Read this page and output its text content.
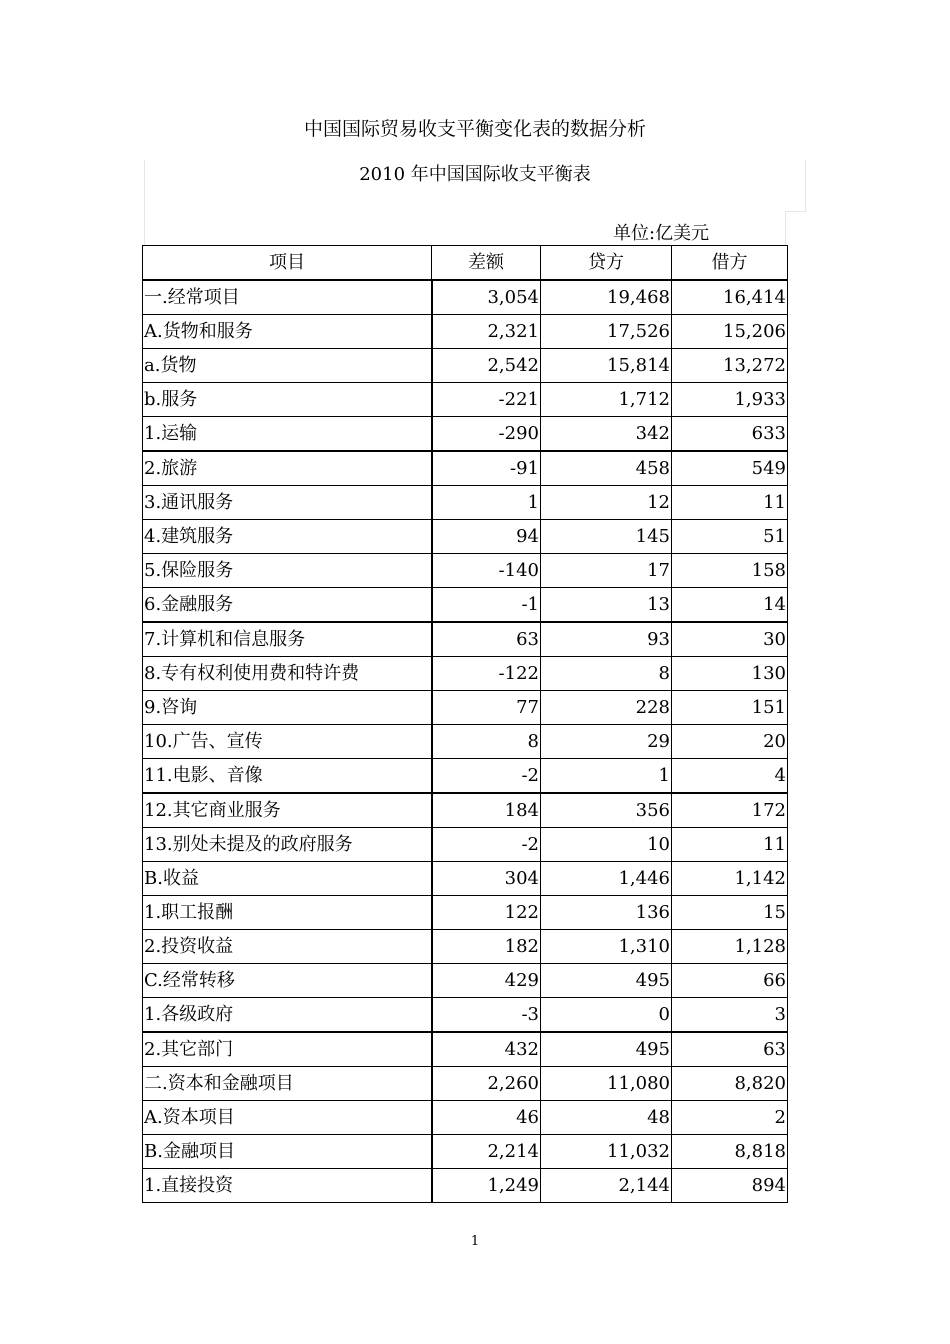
中国国际贸易收支平衡变化表的数据分析
2010 年中国国际收支平衡表
单位:亿美元
项目	差额	贷方	借方
一.经常项目	3,054	19,468	16,414
A.货物和服务	2,321	17,526	15,206
a.货物	2,542	15,814	13,272
b.服务	-221	1,712	1,933
1.运输	-290	342	633
2.旅游	-91	458	549
3.通讯服务	1	12	11
4.建筑服务	94	145	51
5.保险服务	-140	17	158
6.金融服务	-1	13	14
7.计算机和信息服务	63	93	30
8.专有权利使用费和特许费	-122	8	130
9.咨询	77	228	151
10.广告、宣传	8	29	20
11.电影、音像	-2	1	4
12.其它商业服务	184	356	172
13.别处未提及的政府服务	-2	10	11
B.收益	304	1,446	1,142
1.职工报酬	122	136	15
2.投资收益	182	1,310	1,128
C.经常转移	429	495	66
1.各级政府	-3	0	3
2.其它部门	432	495	63
二.资本和金融项目	2,260	11,080	8,820
A.资本项目	46	48	2
B.金融项目	2,214	11,032	8,818
1.直接投资	1,249	2,144	894
1
